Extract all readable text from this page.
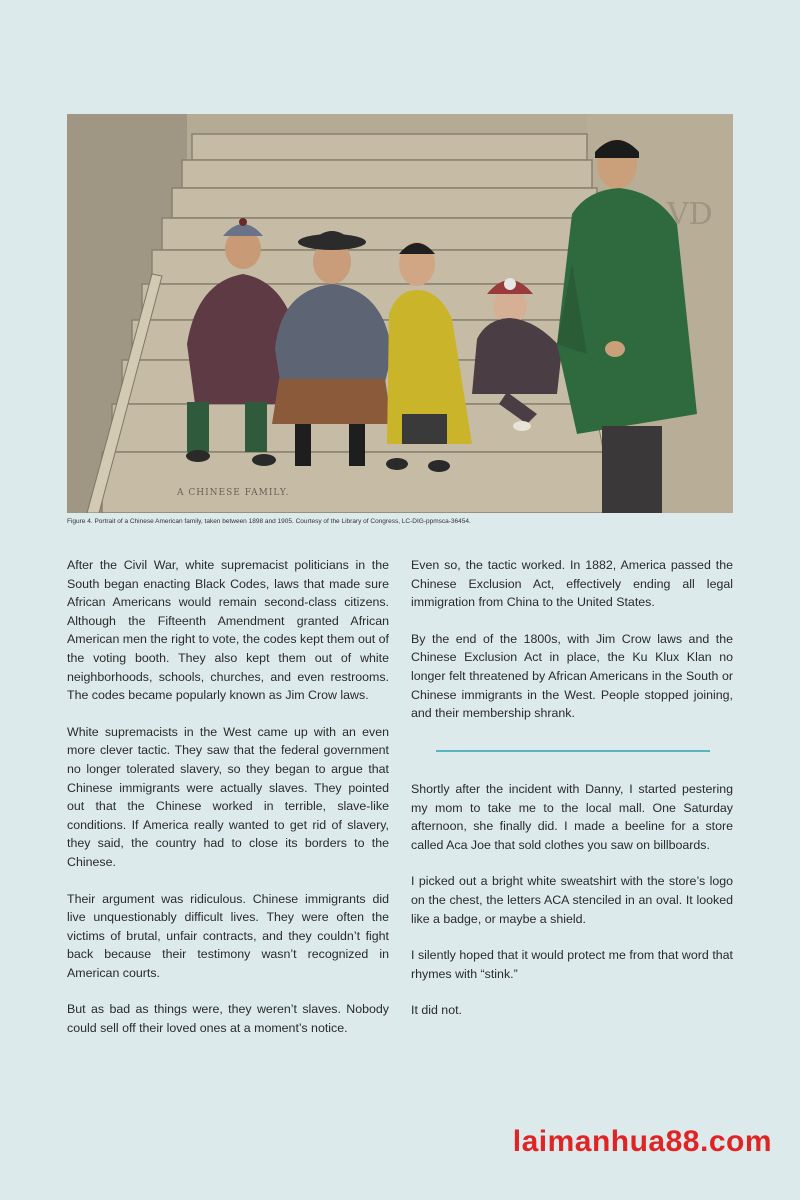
VD
A CHINESE FAMILY.
Figure 4. Portrait of a Chinese American family, taken between 1898 and 1905. Courtesy of the Library of Congress, LC-DIG-ppmsca-36454.

After the Civil War, white supremacist politicians in the South began enacting Black Codes, laws that made sure African Americans would remain second-class citizens. Although the Fifteenth Amendment granted African American men the right to vote, the codes kept them out of the voting booth. They also kept them out of white neighborhoods, schools, churches, and even restrooms. The codes became popularly known as Jim Crow laws.

White supremacists in the West came up with an even more clever tactic. They saw that the federal government no longer tolerated slavery, so they began to argue that Chinese immigrants were actually slaves. They pointed out that the Chinese worked in terrible, slave-like conditions. If America really wanted to get rid of slavery, they said, the country had to close its borders to the Chinese.

Their argument was ridiculous. Chinese immigrants did live unquestionably difficult lives. They were often the victims of brutal, unfair contracts, and they couldn’t fight back because their testimony wasn’t recognized in American courts.

But as bad as things were, they weren’t slaves. Nobody could sell off their loved ones at a moment’s notice.

Even so, the tactic worked. In 1882, America passed the Chinese Exclusion Act, effectively ending all legal immigration from China to the United States.

By the end of the 1800s, with Jim Crow laws and the Chinese Exclusion Act in place, the Ku Klux Klan no longer felt threatened by African Americans in the South or Chinese immigrants in the West. People stopped joining, and their membership shrank.

Shortly after the incident with Danny, I started pestering my mom to take me to the local mall. One Saturday afternoon, she finally did. I made a beeline for a store called Aca Joe that sold clothes you saw on billboards.

I picked out a bright white sweatshirt with the store’s logo on the chest, the letters ACA stenciled in an oval. It looked like a badge, or maybe a shield.

I silently hoped that it would protect me from that word that rhymes with “stink.”

It did not.

laimanhua88.com
